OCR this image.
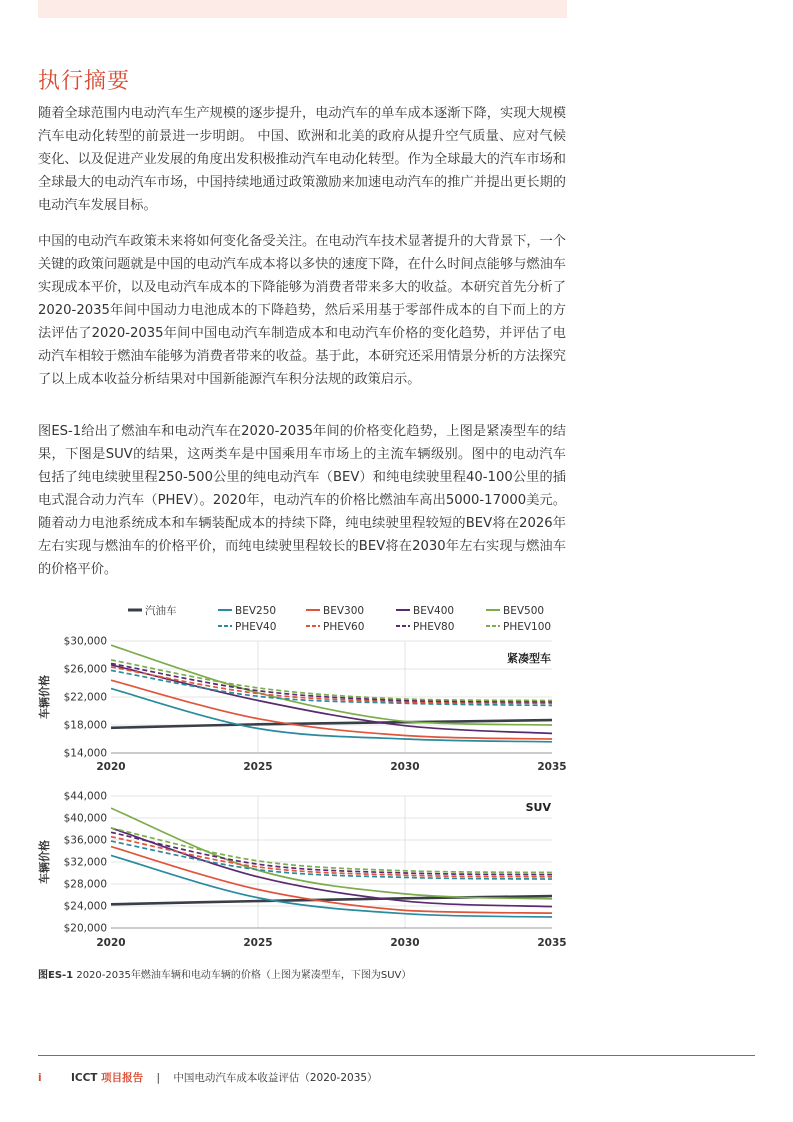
执行摘要

随着全球范围内电动汽车生产规模的逐步提升，电动汽车的单车成本逐渐下降，实现大规模汽车电动化转型的前景进一步明朗。 中国、欧洲和北美的政府从提升空气质量、应对气候变化、以及促进产业发展的角度出发积极推动汽车电动化转型。作为全球最大的汽车市场和全球最大的电动汽车市场，中国持续地通过政策激励来加速电动汽车的推广并提出更长期的电动汽车发展目标。

中国的电动汽车政策未来将如何变化备受关注。在电动汽车技术显著提升的大背景下，一个关键的政策问题就是中国的电动汽车成本将以多快的速度下降，在什么时间点能够与燃油车实现成本平价，以及电动汽车成本的下降能够为消费者带来多大的收益。本研究首先分析了2020-2035年间中国动力电池成本的下降趋势，然后采用基于零部件成本的自下而上的方法评估了2020-2035年间中国电动汽车制造成本和电动汽车价格的变化趋势，并评估了电动汽车相较于燃油车能够为消费者带来的收益。基于此，本研究还采用情景分析的方法探究了以上成本收益分析结果对中国新能源汽车积分法规的政策启示。

图ES-1给出了燃油车和电动汽车在2020-2035年间的价格变化趋势，上图是紧凑型车的结果，下图是SUV的结果，这两类车是中国乘用车市场上的主流车辆级别。图中的电动汽车包括了纯电续驶里程250-500公里的纯电动汽车（BEV）和纯电续驶里程40-100公里的插电式混合动力汽车（PHEV）。2020年，电动汽车的价格比燃油车高出5000-17000美元。随着动力电池系统成本和车辆装配成本的持续下降，纯电续驶里程较短的BEV将在2026年左右实现与燃油车的价格平价，而纯电续驶里程较长的BEV将在2030年左右实现与燃油车的价格平价。

汽油车	BEV250	BEV300	BEV400	BEV500
PHEV40	PHEV60	PHEV80	PHEV100
$14,000
$18,000
$22,000
$26,000
$30,000
2020	2025	2030	2035
车辆价格
紧凑型车
$20,000
$24,000
$28,000
$32,000
$36,000
$40,000
$44,000
2020	2025	2030	2035
车辆价格
SUV
图ES-1 2020-2035年燃油车辆和电动车辆的价格（上图为紧凑型车，下图为SUV）
i	ICCT 项目报告 | 中国电动汽车成本收益评估（2020-2035）
